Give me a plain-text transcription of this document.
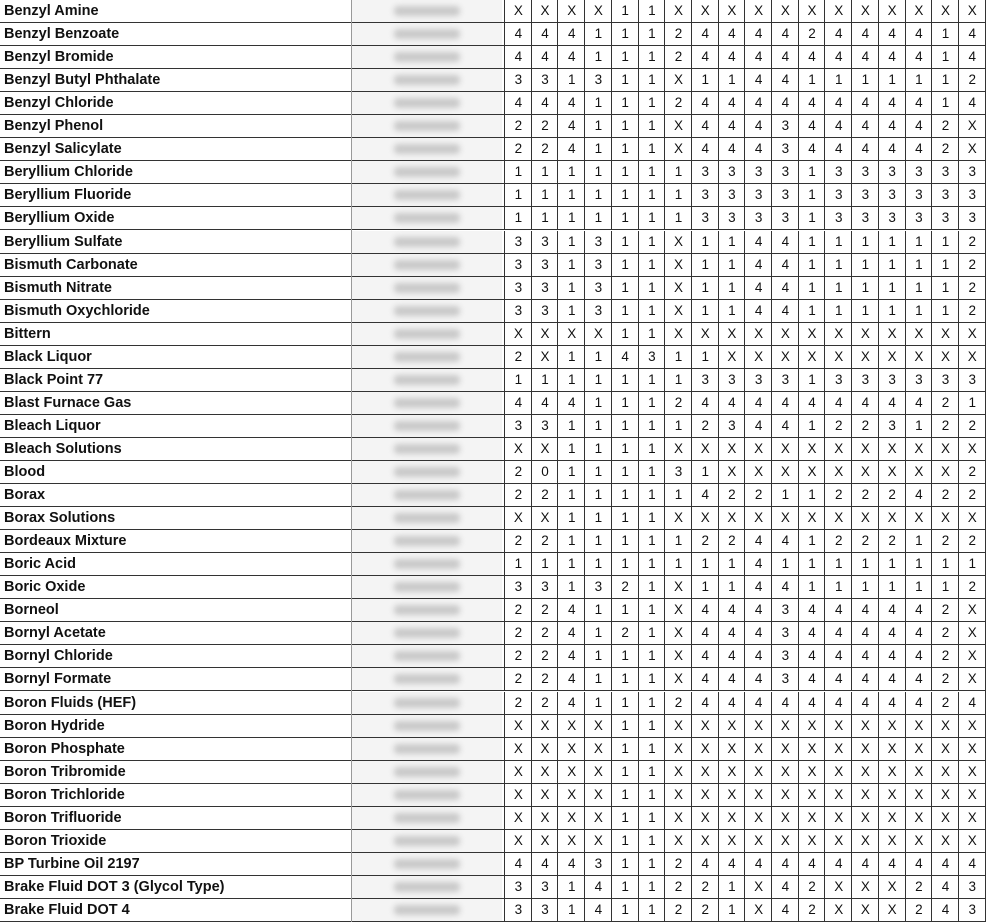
Benzyl Amine	X	X	X	X	1	1	X	X	X	X	X	X	X	X	X	X	X	X
Benzyl Benzoate	4	4	4	1	1	1	2	4	4	4	4	2	4	4	4	4	1	4
Benzyl Bromide	4	4	4	1	1	1	2	4	4	4	4	4	4	4	4	4	1	4
Benzyl Butyl Phthalate	3	3	1	3	1	1	X	1	1	4	4	1	1	1	1	1	1	2
Benzyl Chloride	4	4	4	1	1	1	2	4	4	4	4	4	4	4	4	4	1	4
Benzyl Phenol	2	2	4	1	1	1	X	4	4	4	3	4	4	4	4	4	2	X
Benzyl Salicylate	2	2	4	1	1	1	X	4	4	4	3	4	4	4	4	4	2	X
Beryllium Chloride	1	1	1	1	1	1	1	3	3	3	3	1	3	3	3	3	3	3
Beryllium Fluoride	1	1	1	1	1	1	1	3	3	3	3	1	3	3	3	3	3	3
Beryllium Oxide	1	1	1	1	1	1	1	3	3	3	3	1	3	3	3	3	3	3
Beryllium Sulfate	3	3	1	3	1	1	X	1	1	4	4	1	1	1	1	1	1	2
Bismuth Carbonate	3	3	1	3	1	1	X	1	1	4	4	1	1	1	1	1	1	2
Bismuth Nitrate	3	3	1	3	1	1	X	1	1	4	4	1	1	1	1	1	1	2
Bismuth Oxychloride	3	3	1	3	1	1	X	1	1	4	4	1	1	1	1	1	1	2
Bittern	X	X	X	X	1	1	X	X	X	X	X	X	X	X	X	X	X	X
Black Liquor	2	X	1	1	4	3	1	1	X	X	X	X	X	X	X	X	X	X
Black Point 77	1	1	1	1	1	1	1	3	3	3	3	1	3	3	3	3	3	3
Blast Furnace Gas	4	4	4	1	1	1	2	4	4	4	4	4	4	4	4	4	2	1
Bleach Liquor	3	3	1	1	1	1	1	2	3	4	4	1	2	2	3	1	2	2
Bleach Solutions	X	X	1	1	1	1	X	X	X	X	X	X	X	X	X	X	X	X
Blood	2	0	1	1	1	1	3	1	X	X	X	X	X	X	X	X	X	2
Borax	2	2	1	1	1	1	1	4	2	2	1	1	2	2	2	4	2	2
Borax Solutions	X	X	1	1	1	1	X	X	X	X	X	X	X	X	X	X	X	X
Bordeaux Mixture	2	2	1	1	1	1	1	2	2	4	4	1	2	2	2	1	2	2
Boric Acid	1	1	1	1	1	1	1	1	1	4	1	1	1	1	1	1	1	1
Boric Oxide	3	3	1	3	2	1	X	1	1	4	4	1	1	1	1	1	1	2
Borneol	2	2	4	1	1	1	X	4	4	4	3	4	4	4	4	4	2	X
Bornyl Acetate	2	2	4	1	2	1	X	4	4	4	3	4	4	4	4	4	2	X
Bornyl Chloride	2	2	4	1	1	1	X	4	4	4	3	4	4	4	4	4	2	X
Bornyl Formate	2	2	4	1	1	1	X	4	4	4	3	4	4	4	4	4	2	X
Boron Fluids (HEF)	2	2	4	1	1	1	2	4	4	4	4	4	4	4	4	4	2	4
Boron Hydride	X	X	X	X	1	1	X	X	X	X	X	X	X	X	X	X	X	X
Boron Phosphate	X	X	X	X	1	1	X	X	X	X	X	X	X	X	X	X	X	X
Boron Tribromide	X	X	X	X	1	1	X	X	X	X	X	X	X	X	X	X	X	X
Boron Trichloride	X	X	X	X	1	1	X	X	X	X	X	X	X	X	X	X	X	X
Boron Trifluoride	X	X	X	X	1	1	X	X	X	X	X	X	X	X	X	X	X	X
Boron Trioxide	X	X	X	X	1	1	X	X	X	X	X	X	X	X	X	X	X	X
BP Turbine Oil 2197	4	4	4	3	1	1	2	4	4	4	4	4	4	4	4	4	4	4
Brake Fluid DOT 3 (Glycol Type)	3	3	1	4	1	1	2	2	1	X	4	2	X	X	X	2	4	3
Brake Fluid DOT 4	3	3	1	4	1	1	2	2	1	X	4	2	X	X	X	2	4	3
